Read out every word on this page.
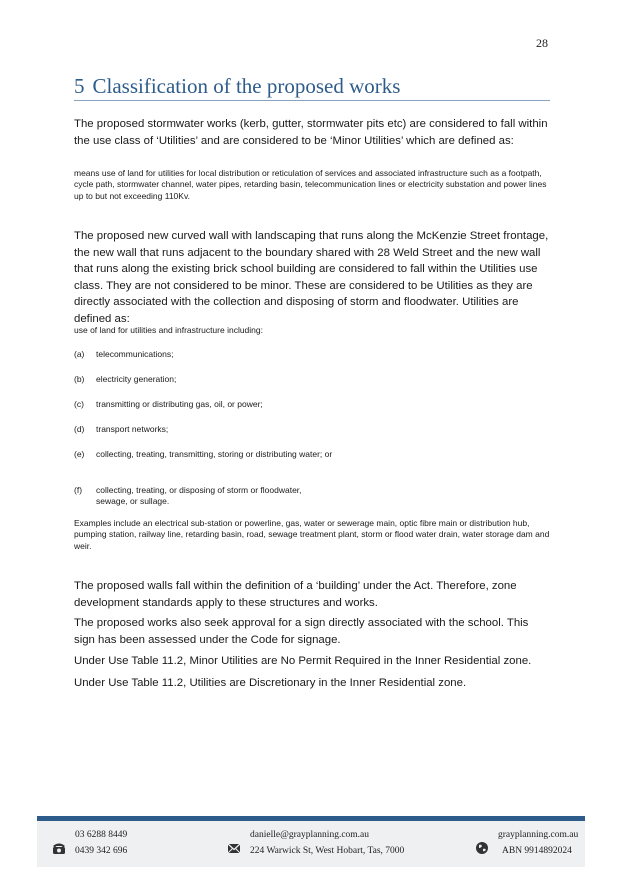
28
5 Classification of the proposed works

The proposed stormwater works (kerb, gutter, stormwater pits etc) are considered to fall within the use class of ‘Utilities’ and are considered to be ‘Minor Utilities’ which are defined as:

means use of land for utilities for local distribution or reticulation of services and associated infrastructure such as a footpath, cycle path, stormwater channel, water pipes, retarding basin, telecommunication lines or electricity substation and power lines up to but not exceeding 110Kv.

The proposed new curved wall with landscaping that runs along the McKenzie Street frontage, the new wall that runs adjacent to the boundary shared with 28 Weld Street and the new wall that runs along the existing brick school building are considered to fall within the Utilities use class. They are not considered to be minor. These are considered to be Utilities as they are directly associated with the collection and disposing of storm and floodwater. Utilities are defined as:

use of land for utilities and infrastructure including:

(a) telecommunications;
(b) electricity generation;
(c) transmitting or distributing gas, oil, or power;
(d) transport networks;
(e) collecting, treating, transmitting, storing or distributing water; or
(f) collecting, treating, or disposing of storm or floodwater, sewage, or sullage.

Examples include an electrical sub-station or powerline, gas, water or sewerage main, optic fibre main or distribution hub, pumping station, railway line, retarding basin, road, sewage treatment plant, storm or flood water drain, water storage dam and weir.

The proposed walls fall within the definition of a ‘building’ under the Act. Therefore, zone development standards apply to these structures and works.

The proposed works also seek approval for a sign directly associated with the school. This sign has been assessed under the Code for signage.

Under Use Table 11.2, Minor Utilities are No Permit Required in the Inner Residential zone.

Under Use Table 11.2, Utilities are Discretionary in the Inner Residential zone.

03 6288 8449
0439 342 696
danielle@grayplanning.com.au
224 Warwick St, West Hobart, Tas, 7000
grayplanning.com.au
ABN 9914892024
